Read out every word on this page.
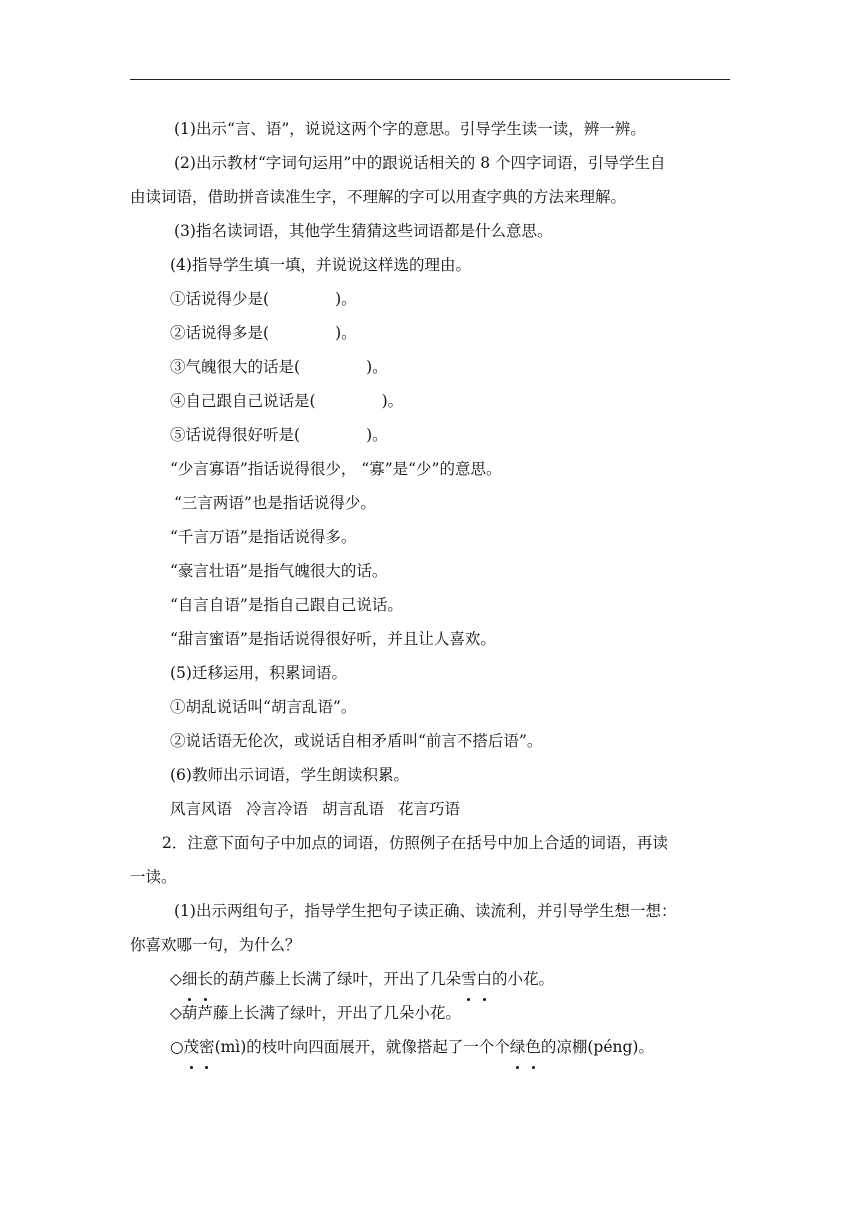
(1)出示“言、语”，说说这两个字的意思。引导学生读一读，辨一辨。
(2)出示教材“字词句运用”中的跟说话相关的 8 个四字词语，引导学生自
由读词语，借助拼音读准生字，不理解的字可以用查字典的方法来理解。
(3)指名读词语，其他学生猜猜这些词语都是什么意思。
(4)指导学生填一填，并说说这样选的理由。
①话说得少是(	)。
②话说得多是(	)。
③气魄很大的话是(	)。
④自己跟自己说话是(	)。
⑤话说得很好听是(	)。
“少言寡语”指话说得很少， “寡”是“少”的意思。
“三言两语”也是指话说得少。
“千言万语”是指话说得多。
“豪言壮语”是指气魄很大的话。
“自言自语”是指自己跟自己说话。
“甜言蜜语”是指话说得很好听，并且让人喜欢。
(5)迁移运用，积累词语。
①胡乱说话叫“胡言乱语”。
②说话语无伦次，或说话自相矛盾叫“前言不搭后语”。
(6)教师出示词语，学生朗读积累。
风言风语 冷言冷语 胡言乱语 花言巧语
2．注意下面句子中加点的词语，仿照例子在括号中加上合适的词语，再读
一读。
(1)出示两组句子，指导学生把句子读正确、读流利，并引导学生想一想：
你喜欢哪一句，为什么？
◇细长的葫芦藤上长满了绿叶，开出了几朵雪白的小花。
◇葫芦藤上长满了绿叶，开出了几朵小花。
○茂密(mì)的枝叶向四面展开，就像搭起了一个个绿色的凉棚(péng)。
